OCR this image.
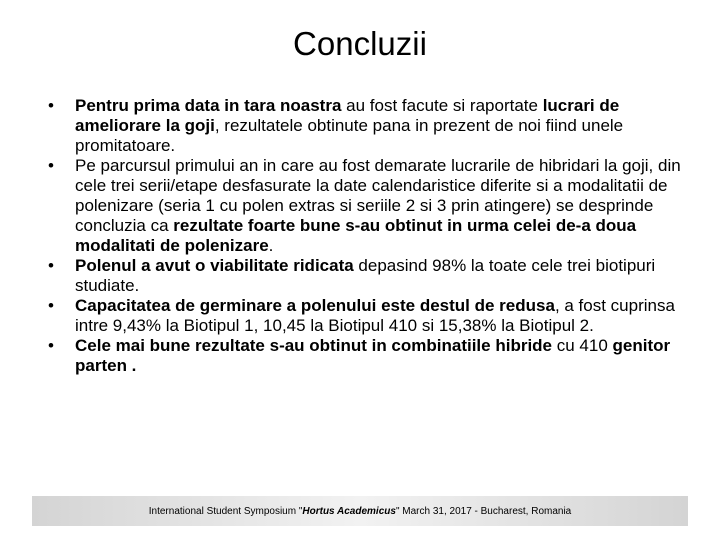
Concluzii
•	Pentru prima data in tara noastra au fost facute si raportate lucrari de ameliorare la goji, rezultatele obtinute pana in prezent de noi fiind unele promitatoare.
•	Pe parcursul primului an in care au fost demarate lucrarile de hibridari la goji, din cele trei serii/etape desfasurate la date calendaristice diferite si a modalitatii de polenizare (seria 1 cu polen extras si seriile 2 si 3 prin atingere) se desprinde concluzia ca rezultate foarte bune s-au obtinut in urma celei de-a doua modalitati de polenizare.
•	Polenul a avut o viabilitate ridicata depasind 98% la toate cele trei biotipuri studiate.
•	Capacitatea de germinare a polenului este destul de redusa, a fost cuprinsa intre 9,43% la Biotipul 1, 10,45 la Biotipul 410 si 15,38% la Biotipul 2.
•	Cele mai bune rezultate s-au obtinut in combinatiile hibride cu 410 genitor parten .
International Student Symposium " Hortus Academicus " March 31, 2017 - Bucharest, Romania
